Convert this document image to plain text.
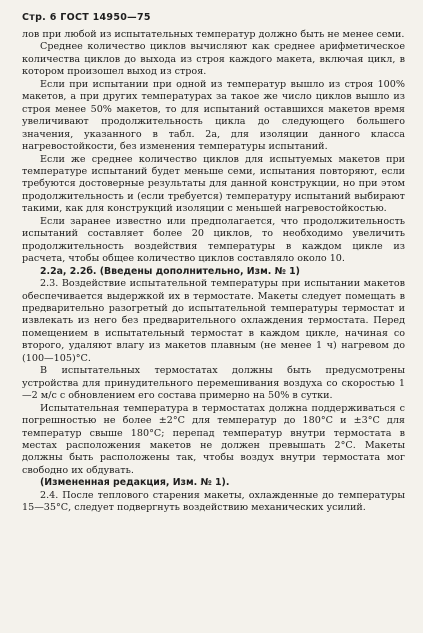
Стр. 6 ГОСТ 14950—75

лов при любой из испытательных температур должно быть не менее семи.

Среднее количество циклов вычисляют как среднее арифметическое количества циклов до выхода из строя каждого макета, включая цикл, в котором произошел выход из строя.

Если при испытании при одной из температур вышло из строя 100% макетов, а при других температурах за такое же число циклов вышло из строя менее 50% макетов, то для испытаний оставшихся макетов время увеличивают продолжительность цикла до следующего большего значения, указанного в табл. 2а, для изоляции данного класса нагревостойкости, без изменения температуры испытаний.

Если же среднее количество циклов для испытуемых макетов при температуре испытаний будет меньше семи, испытания повторяют, если требуются достоверные результаты для данной конструкции, но при этом продолжительность и (если требуется) температуру испытаний выбирают такими, как для конструкций изоляции с меньшей нагревостойкостью.

Если заранее известно или предполагается, что продолжительность испытаний составляет более 20 циклов, то необходимо увеличить продолжительность воздействия температуры в каждом цикле из расчета, чтобы общее количество циклов составляло около 10.

2.2а, 2.2б. (Введены дополнительно, Изм. № 1)

2.3. Воздействие испытательной температуры при испытании макетов обеспечивается выдержкой их в термостате. Макеты следует помещать в предварительно разогретый до испытательной температуры термостат и извлекать из него без предварительного охлаждения термостата. Перед помещением в испытательный термостат в каждом цикле, начиная со второго, удаляют влагу из макетов плавным (не менее 1 ч) нагревом до (100—105)°С.

В испытательных термостатах должны быть предусмотрены устройства для принудительного перемешивания воздуха со скоростью 1—2 м/с с обновлением его состава примерно на 50% в сутки.

Испытательная температура в термостатах должна поддерживаться с погрешностью не более ±2°С для температур до 180°С и ±3°С для температур свыше 180°С; перепад температур внутри термостата в местах расположения макетов не должен превышать 2°С. Макеты должны быть расположены так, чтобы воздух внутри термостата мог свободно их обдувать.

(Измененная редакция, Изм. № 1).

2.4. После теплового старения макеты, охлажденные до температуры 15—35°С, следует подвергнуть воздействию механических усилий.
